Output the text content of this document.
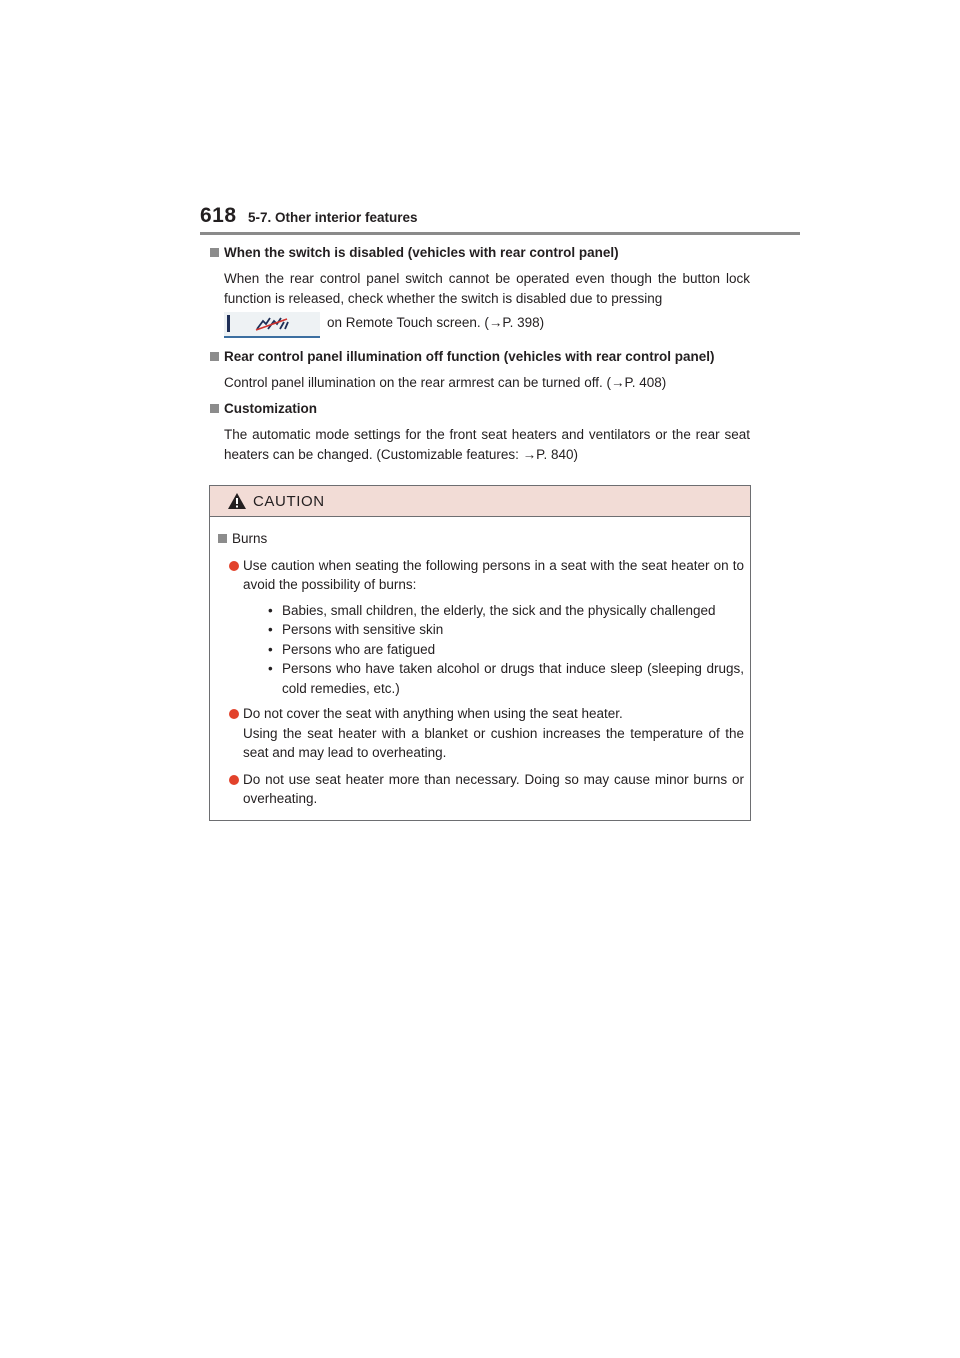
618 5-7. Other interior features
When the switch is disabled (vehicles with rear control panel)
When the rear control panel switch cannot be operated even though the button lock function is released, check whether the switch is disabled due to pressing
on Remote Touch screen. (→P. 398)
Rear control panel illumination off function (vehicles with rear control panel)
Control panel illumination on the rear armrest can be turned off. (→P. 408)
Customization
The automatic mode settings for the front seat heaters and ventilators or the rear seat heaters can be changed. (Customizable features: →P. 840)
CAUTION
Burns
Use caution when seating the following persons in a seat with the seat heater on to avoid the possibility of burns:
• Babies, small children, the elderly, the sick and the physically challenged
• Persons with sensitive skin
• Persons who are fatigued
• Persons who have taken alcohol or drugs that induce sleep (sleeping drugs, cold remedies, etc.)
Do not cover the seat with anything when using the seat heater.
Using the seat heater with a blanket or cushion increases the temperature of the seat and may lead to overheating.
Do not use seat heater more than necessary. Doing so may cause minor burns or overheating.
